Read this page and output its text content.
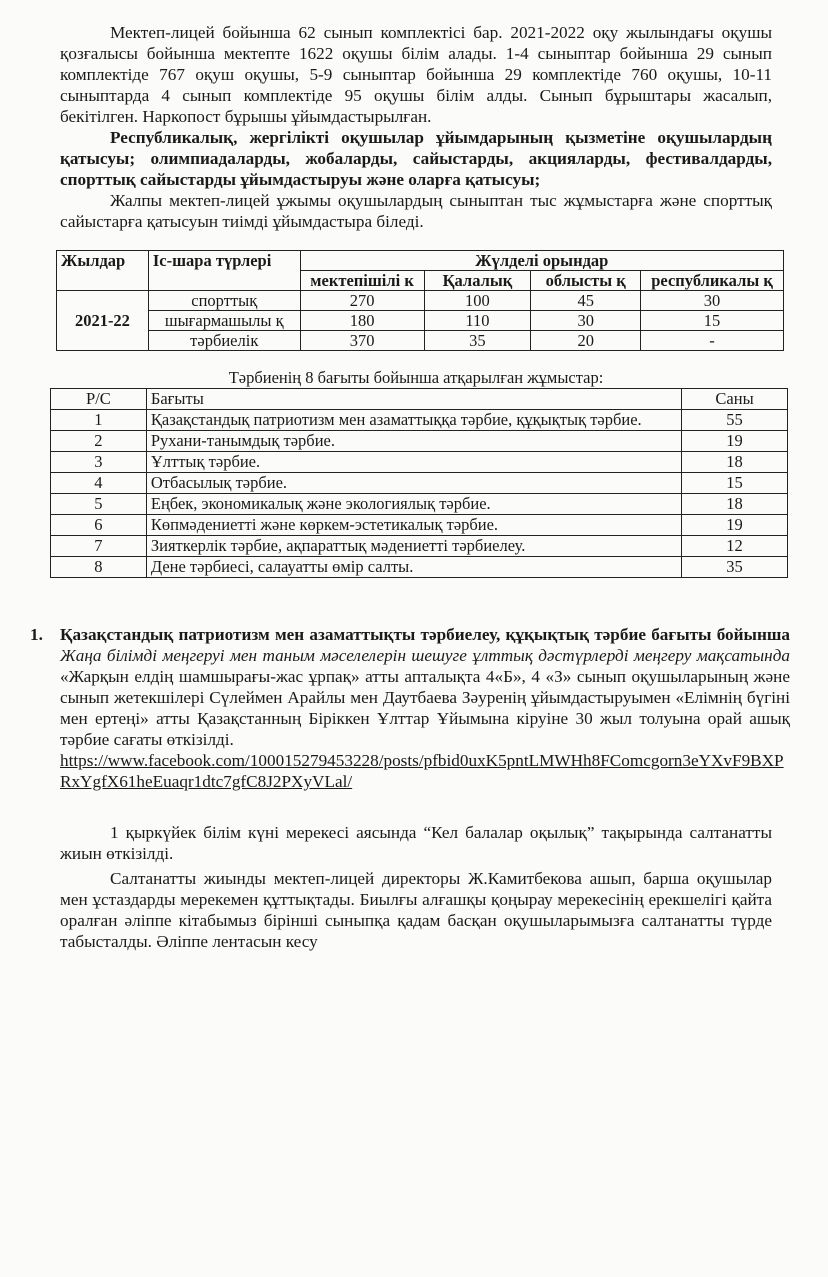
Мектеп-лицей бойынша 62 сынып комплектісі бар. 2021-2022 оқу жылындағы оқушы қозғалысы бойынша мектепте 1622 оқушы білім алады. 1-4 сыныптар бойынша 29 сынып комплектіде 767 оқуш оқушы, 5-9 сыныптар бойынша 29 комплектіде 760 оқушы, 10-11 сыныптарда 4 сынып комплектіде 95 оқушы білім алды. Сынып бұрыштары жасалып, бекітілген. Наркопост бұрышы ұйымдастырылған.

Республикалық, жергілікті оқушылар ұйымдарының қызметіне оқушылардың қатысуы; олимпиадаларды, жобаларды, сайыстарды, акцияларды, фестивалдарды, спорттық сайыстарды ұйымдастыруы және оларға қатысуы;

Жалпы мектеп-лицей ұжымы оқушылардың сыныптан тыс жұмыстарға және спорттық сайыстарға қатысуын тиімді ұйымдастыра біледі.

Жылдар	Іс-шара түрлері	Жүлделі орындар			
		мектепішілі к	Қалалық	облысты қ	республикалы қ
2021-22	спорттық	270	100	45	30
	шығармашылы қ	180	110	30	15
	тәрбиелік	370	35	20	-
Тәрбиенің 8 бағыты бойынша атқарылған жұмыстар:
Р/С	Бағыты	Саны
1	Қазақстандық патриотизм мен азаматтыққа тәрбие, құқықтық тәрбие.	55
2	Рухани-танымдық тәрбие.	19
3	Ұлттық тәрбие.	18
4	Отбасылық тәрбие.	15
5	Еңбек, экономикалық және экологиялық тәрбие.	18
6	Көпмәдениетті және көркем-эстетикалық тәрбие.	19
7	Зияткерлік тәрбие, ақпараттық мәдениетті тәрбиелеу.	12
8	Дене тәрбиесі, салауатты өмір салты.	35
1. Қазақстандық патриотизм мен азаматтықты тәрбиелеу, құқықтық тәрбие бағыты бойынша Жаңа білімді меңгеруі мен таным мәселелерін шешуге ұлттық дәстүрлерді меңгеру мақсатында «Жарқын елдің шамшырағы-жас ұрпақ» атты апталықта 4«Б», 4 «З» сынып оқушыларының және сынып жетекшілері Сүлеймен Арайлы мен Даутбаева Зәуренің ұйымдастыруымен «Елімнің бүгіні мен ертеңі» атты Қазақстанның Біріккен Ұлттар Ұйымына кіруіне 30 жыл толуына орай ашық тәрбие сағаты өткізілді.

https://www.facebook.com/100015279453228/posts/pfbid0uxK5pntLMWHh8FComcgorn3eYXvF9BXPRxYgfX61heEuaqr1dtc7gfC8J2PXyVLal/

1 қыркүйек білім күні мерекесі аясында “Кел балалар оқылық” тақырында салтанатты жиын өткізілді.

Салтанатты жиынды мектеп-лицей директоры Ж.Камитбекова ашып, барша оқушылар мен ұстаздарды мерекемен құттықтады. Биылғы алғашқы қоңырау мерекесінің ерекшелігі қайта оралған әліппе кітабымыз бірінші сыныпқа қадам басқан оқушыларымызға салтанатты түрде табысталды. Әліппе лентасын кесу
